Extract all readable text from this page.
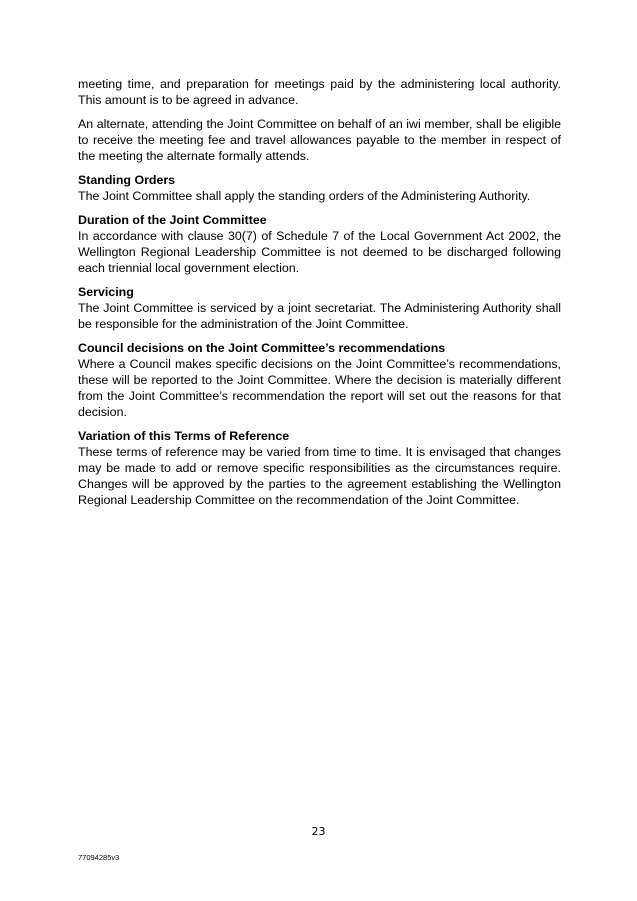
meeting time, and preparation for meetings paid by the administering local authority. This amount is to be agreed in advance.

An alternate, attending the Joint Committee on behalf of an iwi member, shall be eligible to receive the meeting fee and travel allowances payable to the member in respect of the meeting the alternate formally attends.

Standing Orders

The Joint Committee shall apply the standing orders of the Administering Authority.

Duration of the Joint Committee

In accordance with clause 30(7) of Schedule 7 of the Local Government Act 2002, the Wellington Regional Leadership Committee is not deemed to be discharged following each triennial local government election.

Servicing

The Joint Committee is serviced by a joint secretariat. The Administering Authority shall be responsible for the administration of the Joint Committee.

Council decisions on the Joint Committee’s recommendations

Where a Council makes specific decisions on the Joint Committee’s recommendations, these will be reported to the Joint Committee. Where the decision is materially different from the Joint Committee’s recommendation the report will set out the reasons for that decision.

Variation of this Terms of Reference

These terms of reference may be varied from time to time. It is envisaged that changes may be made to add or remove specific responsibilities as the circumstances require. Changes will be approved by the parties to the agreement establishing the Wellington Regional Leadership Committee on the recommendation of the Joint Committee.

23
77094285v3
